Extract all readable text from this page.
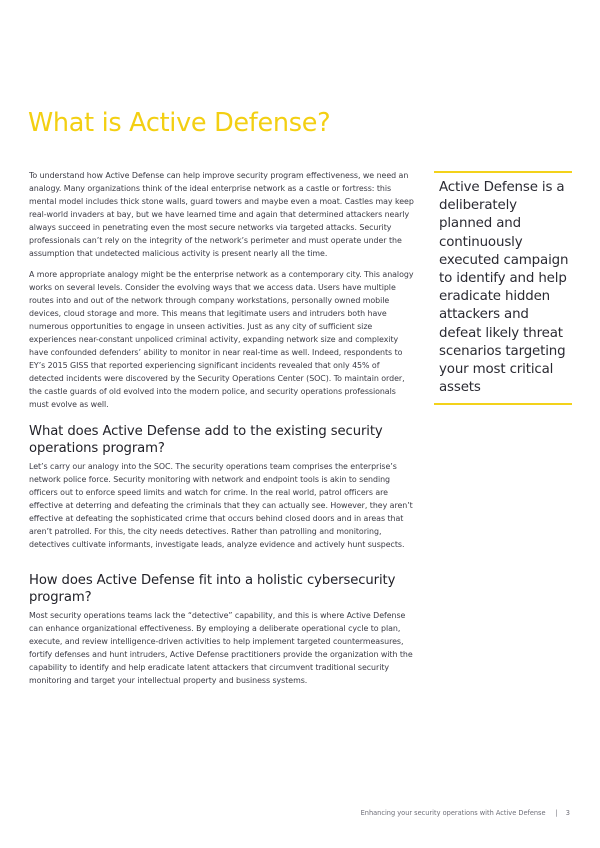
What is Active Defense?

To understand how Active Defense can help improve security program effectiveness, we need an analogy. Many organizations think of the ideal enterprise network as a castle or fortress: this mental model includes thick stone walls, guard towers and maybe even a moat. Castles may keep real-world invaders at bay, but we have learned time and again that determined attackers nearly always succeed in penetrating even the most secure networks via targeted attacks. Security professionals can’t rely on the integrity of the network’s perimeter and must operate under the assumption that undetected malicious activity is present nearly all the time.

A more appropriate analogy might be the enterprise network as a contemporary city. This analogy works on several levels. Consider the evolving ways that we access data. Users have multiple routes into and out of the network through company workstations, personally owned mobile devices, cloud storage and more. This means that legitimate users and intruders both have numerous opportunities to engage in unseen activities. Just as any city of sufficient size experiences near-constant unpoliced criminal activity, expanding network size and complexity have confounded defenders’ ability to monitor in near real-time as well. Indeed, respondents to EY’s 2015 GISS that reported experiencing significant incidents revealed that only 45% of detected incidents were discovered by the Security Operations Center (SOC). To maintain order, the castle guards of old evolved into the modern police, and security operations professionals must evolve as well.

Active Defense is a deliberately planned and continuously executed campaign to identify and help eradicate hidden attackers and defeat likely threat scenarios targeting your most critical assets

What does Active Defense add to the existing security operations program?

Let’s carry our analogy into the SOC. The security operations team comprises the enterprise’s network police force. Security monitoring with network and endpoint tools is akin to sending officers out to enforce speed limits and watch for crime. In the real world, patrol officers are effective at deterring and defeating the criminals that they can actually see. However, they aren’t effective at defeating the sophisticated crime that occurs behind closed doors and in areas that aren’t patrolled. For this, the city needs detectives. Rather than patrolling and monitoring, detectives cultivate informants, investigate leads, analyze evidence and actively hunt suspects.

How does Active Defense fit into a holistic cybersecurity program?

Most security operations teams lack the “detective” capability, and this is where Active Defense can enhance organizational effectiveness. By employing a deliberate operational cycle to plan, execute, and review intelligence-driven activities to help implement targeted countermeasures, fortify defenses and hunt intruders, Active Defense practitioners provide the organization with the capability to identify and help eradicate latent attackers that circumvent traditional security monitoring and target your intellectual property and business systems.

Enhancing your security operations with Active Defense | 3
